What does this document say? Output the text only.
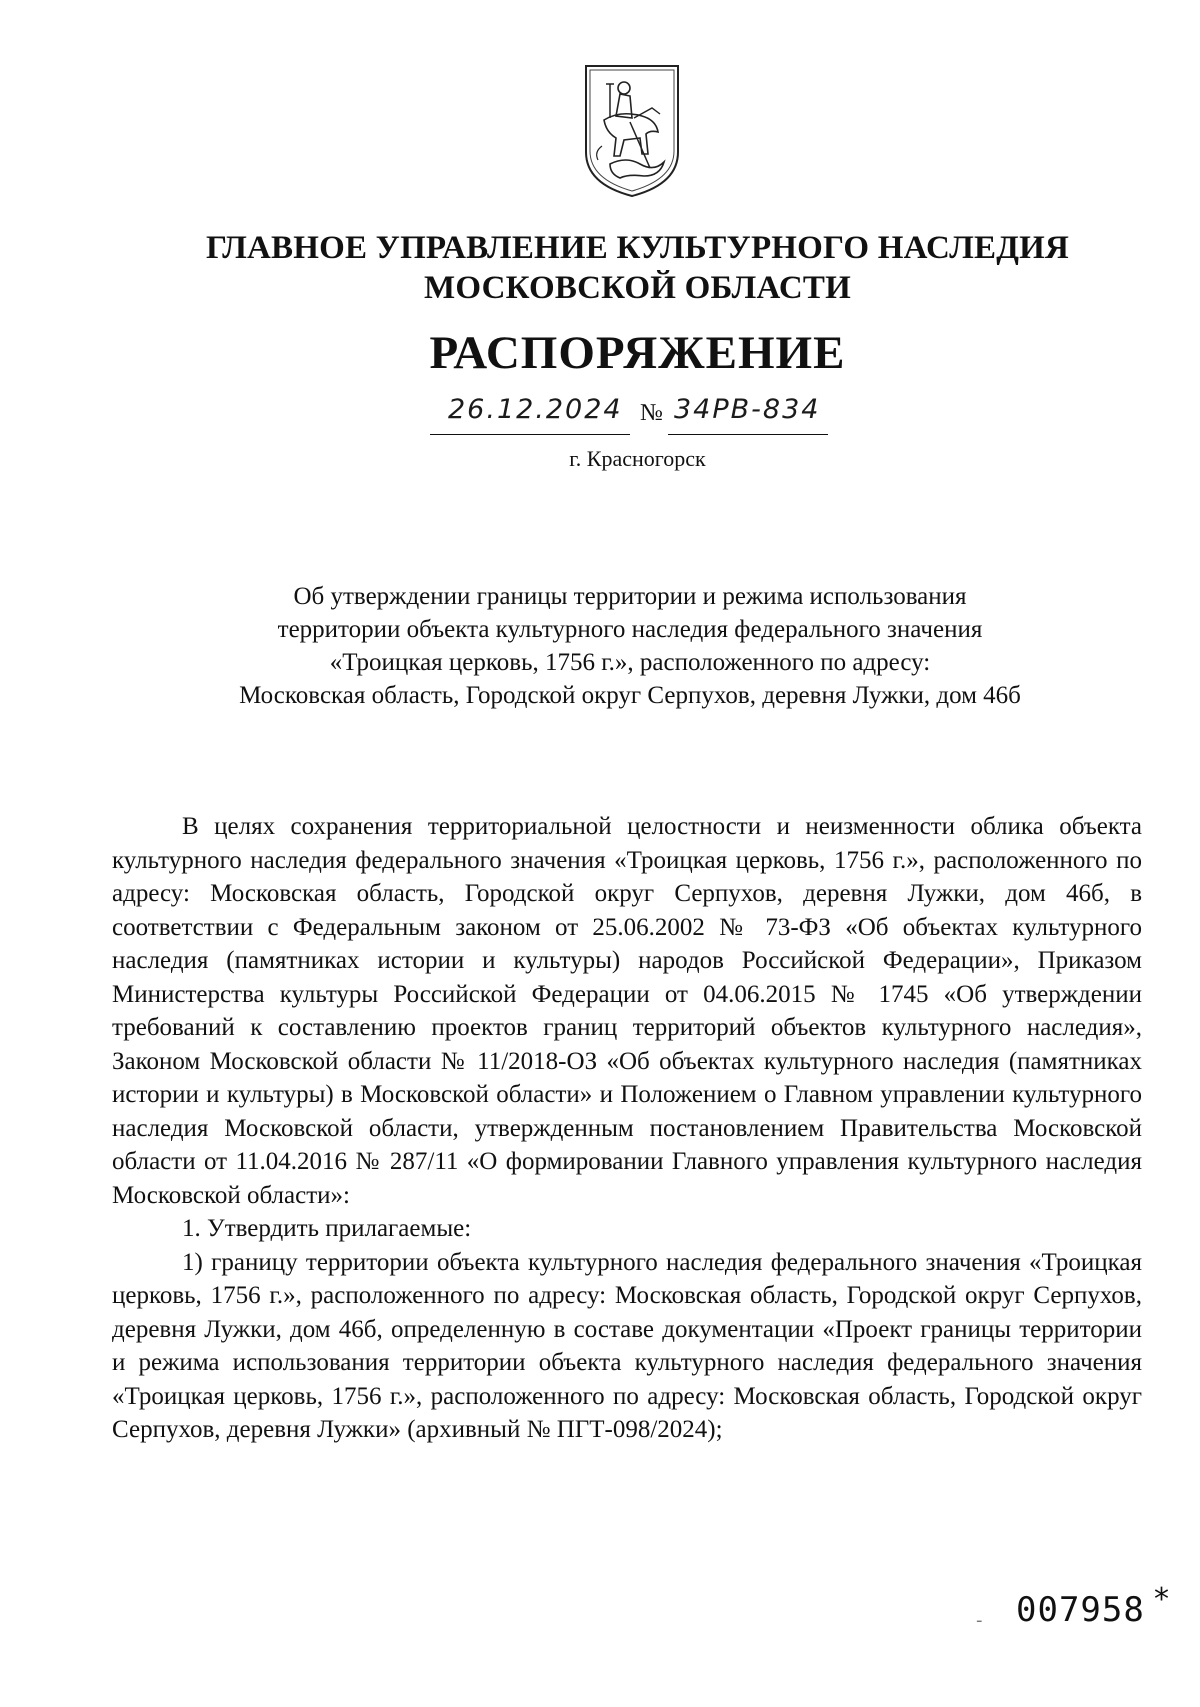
ГЛАВНОЕ УПРАВЛЕНИЕ КУЛЬТУРНОГО НАСЛЕДИЯ
МОСКОВСКОЙ ОБЛАСТИ
РАСПОРЯЖЕНИЕ
26.12.2024 № 34РВ-834
г. Красногорск
Об утверждении границы территории и режима использования
территории объекта культурного наследия федерального значения
«Троицкая церковь, 1756 г.», расположенного по адресу:
Московская область, Городской округ Серпухов, деревня Лужки, дом 46б

В целях сохранения территориальной целостности и неизменности облика объекта культурного наследия федерального значения «Троицкая церковь, 1756 г.», расположенного по адресу: Московская область, Городской округ Серпухов, деревня Лужки, дом 46б, в соответствии с Федеральным законом от 25.06.2002 № 73-ФЗ «Об объектах культурного наследия (памятниках истории и культуры) народов Российской Федерации», Приказом Министерства культуры Российской Федерации от 04.06.2015 № 1745 «Об утверждении требований к составлению проектов границ территорий объектов культурного наследия», Законом Московской области № 11/2018-ОЗ «Об объектах культурного наследия (памятниках истории и культуры) в Московской области» и Положением о Главном управлении культурного наследия Московской области, утвержденным постановлением Правительства Московской области от 11.04.2016 № 287/11 «О формировании Главного управления культурного наследия Московской области»:

1. Утвердить прилагаемые:

1) границу территории объекта культурного наследия федерального значения «Троицкая церковь, 1756 г.», расположенного по адресу: Московская область, Городской округ Серпухов, деревня Лужки, дом 46б, определенную в составе документации «Проект границы территории и режима использования территории объекта культурного наследия федерального значения «Троицкая церковь, 1756 г.», расположенного по адресу: Московская область, Городской округ Серпухов, деревня Лужки» (архивный № ПГТ-098/2024);

- 007958 *
